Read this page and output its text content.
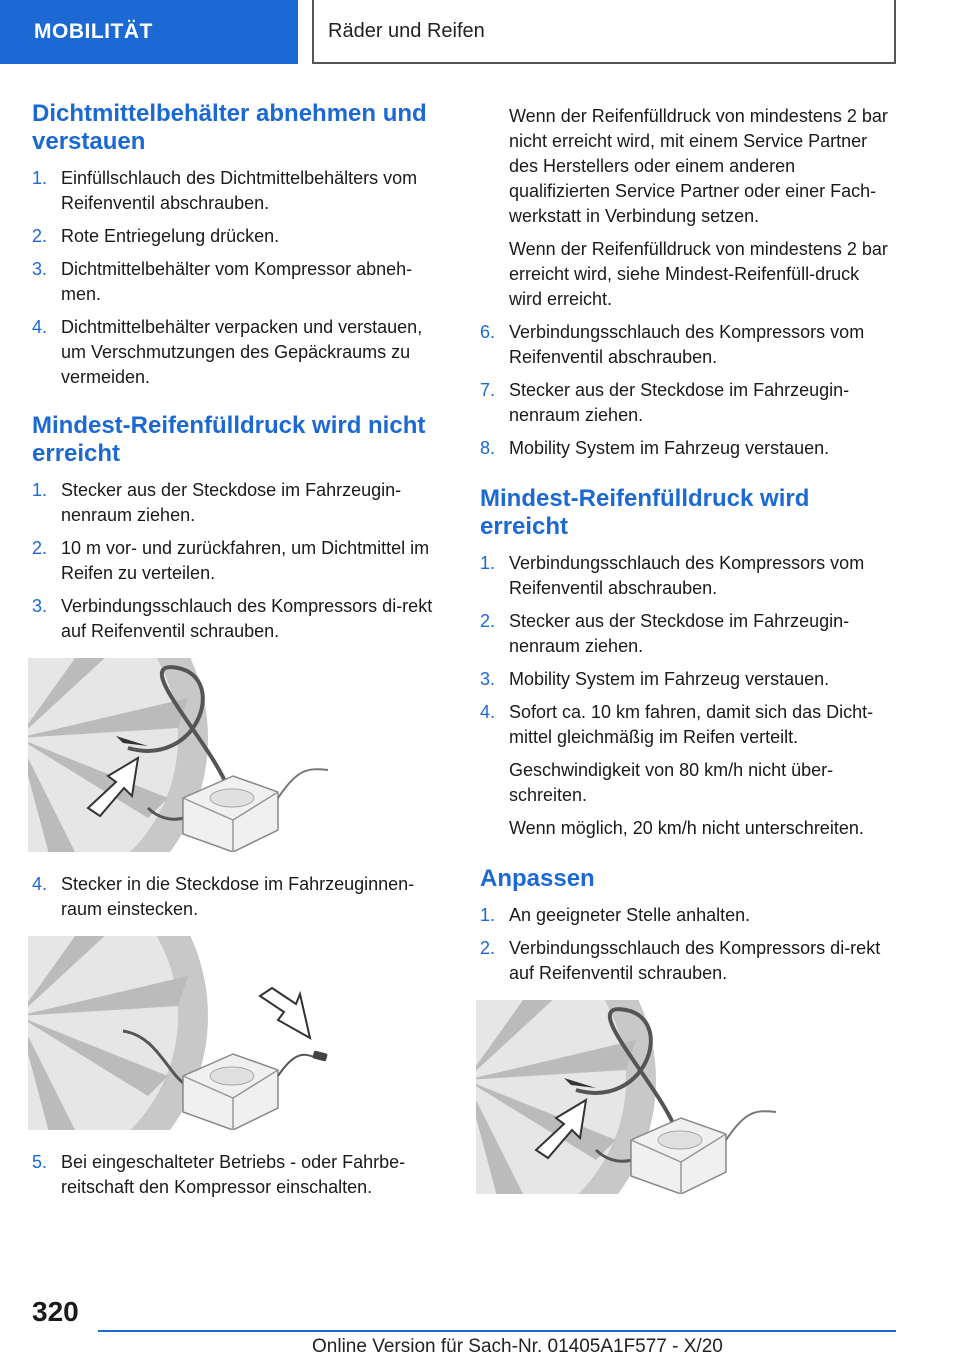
MOBILITÄT	Räder und Reifen
Dichtmittelbehälter abnehmen und verstauen
1. Einfüllschlauch des Dichtmittelbehälters vom Reifenventil abschrauben.
2. Rote Entriegelung drücken.
3. Dichtmittelbehälter vom Kompressor abneh-men.
4. Dichtmittelbehälter verpacken und verstauen, um Verschmutzungen des Gepäckraums zu vermeiden.
Mindest-Reifenfülldruck wird nicht erreicht
1. Stecker aus der Steckdose im Fahrzeugin-nenraum ziehen.
2. 10 m vor- und zurückfahren, um Dichtmittel im Reifen zu verteilen.
3. Verbindungsschlauch des Kompressors di-rekt auf Reifenventil schrauben.
4. Stecker in die Steckdose im Fahrzeuginnen-raum einstecken.
5. Bei eingeschalteter Betriebs - oder Fahrbe-reitschaft den Kompressor einschalten.

Wenn der Reifenfülldruck von mindestens 2 bar nicht erreicht wird, mit einem Service Partner des Herstellers oder einem anderen qualifizierten Service Partner oder einer Fach-werkstatt in Verbindung setzen.

Wenn der Reifenfülldruck von mindestens 2 bar erreicht wird, siehe Mindest-Reifenfüll-druck wird erreicht.

6. Verbindungsschlauch des Kompressors vom Reifenventil abschrauben.
7. Stecker aus der Steckdose im Fahrzeugin-nenraum ziehen.
8. Mobility System im Fahrzeug verstauen.
Mindest-Reifenfülldruck wird erreicht
1. Verbindungsschlauch des Kompressors vom Reifenventil abschrauben.
2. Stecker aus der Steckdose im Fahrzeugin-nenraum ziehen.
3. Mobility System im Fahrzeug verstauen.
4. Sofort ca. 10 km fahren, damit sich das Dicht-mittel gleichmäßig im Reifen verteilt.

Geschwindigkeit von 80 km/h nicht über-schreiten.

Wenn möglich, 20 km/h nicht unterschreiten.

Anpassen
1. An geeigneter Stelle anhalten.
2. Verbindungsschlauch des Kompressors di-rekt auf Reifenventil schrauben.
320
Online Version für Sach-Nr. 01405A1F577 - X/20
